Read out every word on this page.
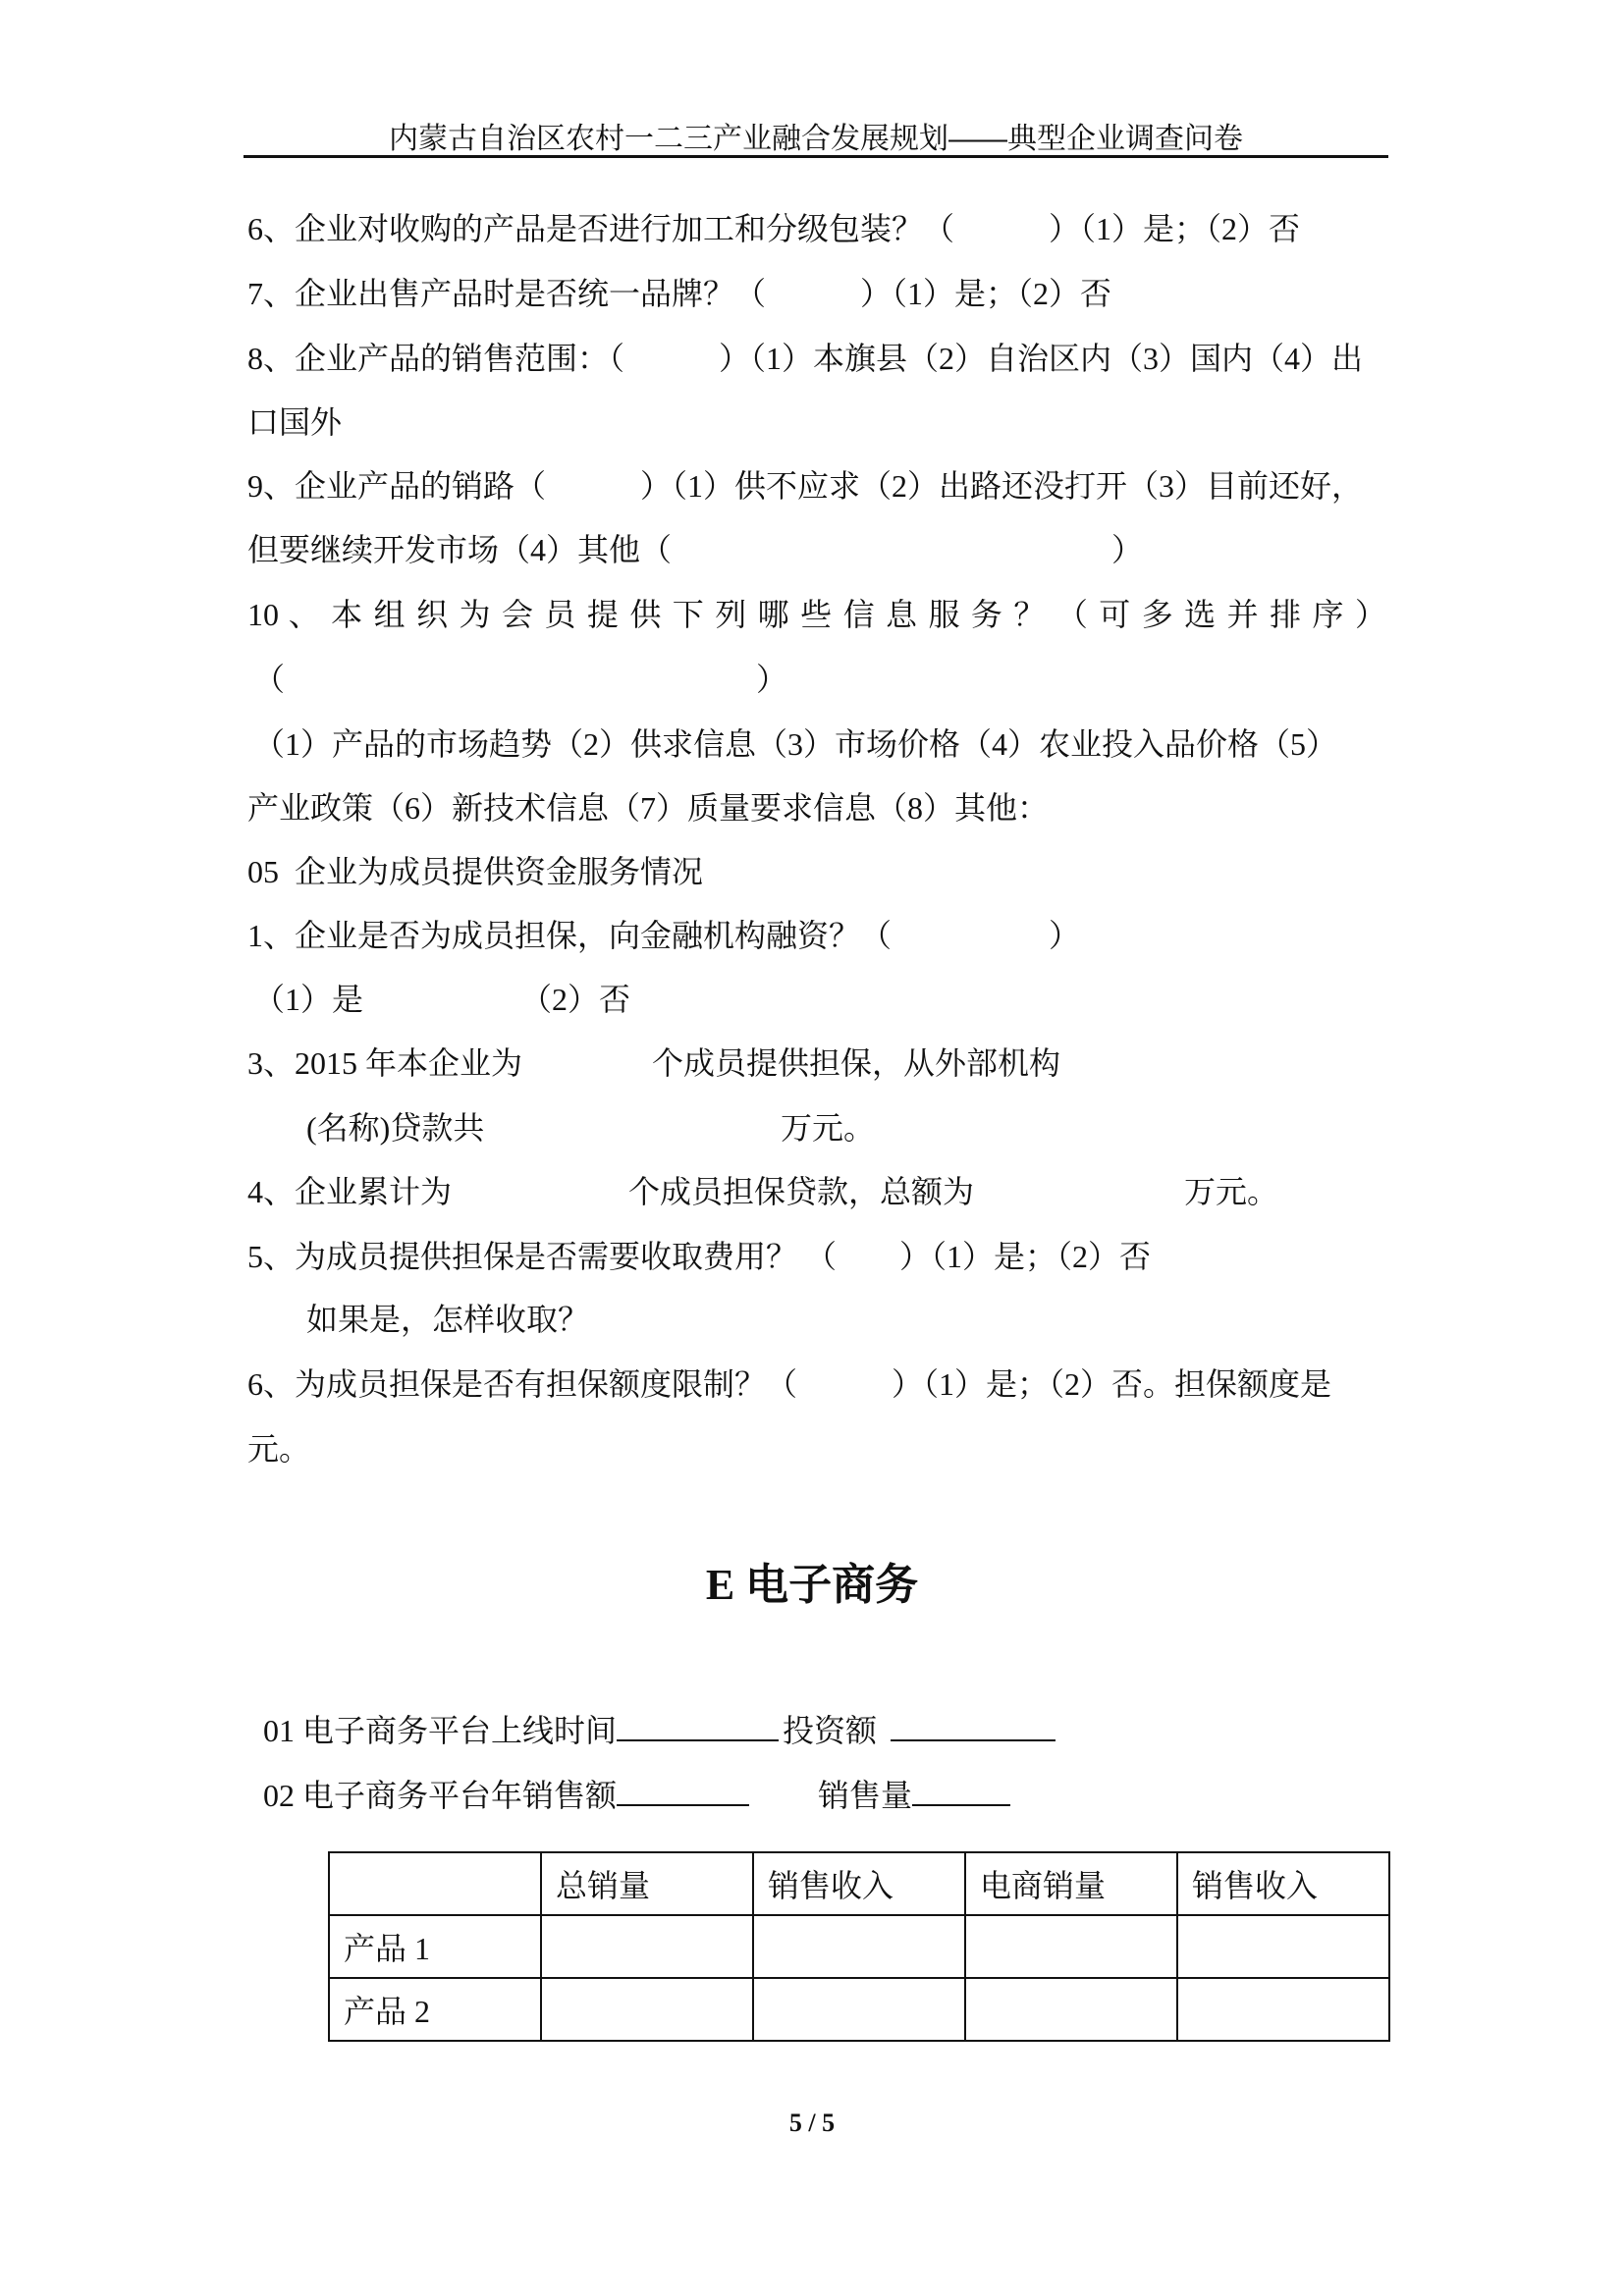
内蒙古自治区农村一二三产业融合发展规划——典型企业调查问卷
6、企业对收购的产品是否进行加工和分级包装？（　　　）（1）是；（2）否
7、企业出售产品时是否统一品牌？（　　　）（1）是；（2）否
8、企业产品的销售范围：（　　　）（1）本旗县（2）自治区内（3）国内（4）出
口国外
9、企业产品的销路（　　　）（1）供不应求（2）出路还没打开（3）目前还好，
但要继续开发市场（4）其他（　　　　　　　　　　　　　　）
10 、 本 组 织 为 会 员 提 供 下 列 哪 些 信 息 服 务 ？ （ 可 多 选 并 排 序 ）
（　　　　　　　　　　　　　　　）
（1）产品的市场趋势（2）供求信息（3）市场价格（4）农业投入品价格（5）
产业政策（6）新技术信息（7）质量要求信息（8）其他：
05  企业为成员提供资金服务情况
1、企业是否为成员担保，向金融机构融资？（　　　　　）
（1）是	（2）否
3、2015 年本企业为	个成员提供担保，从外部机构
(名称)贷款共	万元。
4、企业累计为	个成员担保贷款，总额为	万元。
5、为成员提供担保是否需要收取费用？ （　　）（1）是；（2）否
如果是，怎样收取？
6、为成员担保是否有担保额度限制？（　　　）（1）是；（2）否。担保额度是
元。
E 电子商务

01 电子商务平台上线时间	投资额

02 电子商务平台年销售额	销售量

	总销量	销售收入	电商销量	销售收入
产品 1				
产品 2				
5 / 5
